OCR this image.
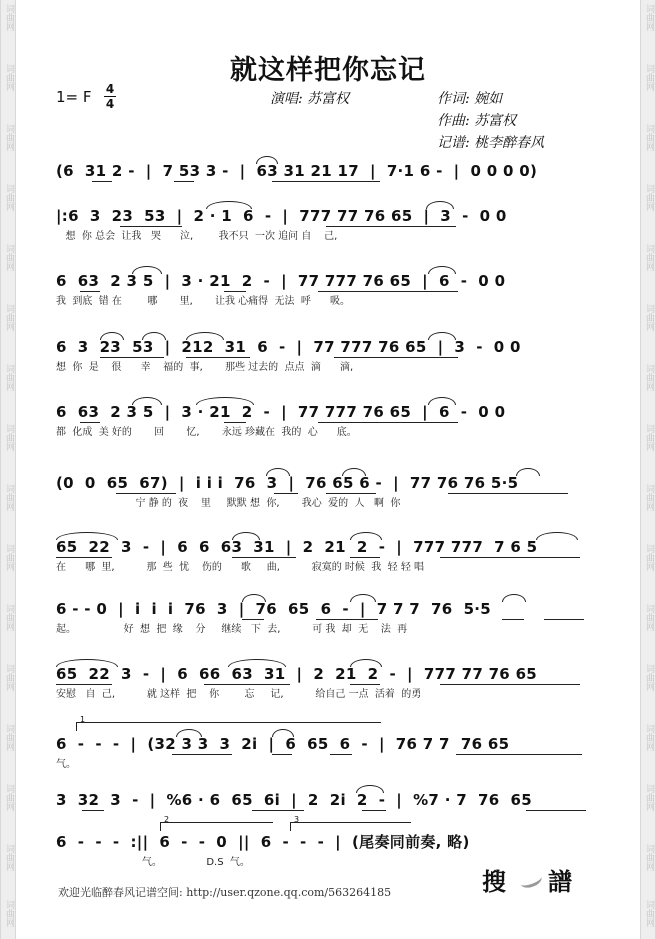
词曲网
词曲网
词曲网
词曲网
词曲网
词曲网
词曲网
词曲网
词曲网
词曲网
词曲网
词曲网
词曲网
词曲网
词曲网
词曲网
词曲网
词曲网
词曲网
词曲网
词曲网
词曲网
词曲网
词曲网
词曲网
词曲网
词曲网
词曲网
词曲网
词曲网
词曲网
词曲网
就这样把你忘记
1= F 4
4	演唱: 苏富权	作词: 婉如
作曲: 苏富权
记谱: 桃李醉春风
(6  31 2 -  |  7 53 3 -  |  63 31 21 17  |  7·1 6 -  |  0 0 0 0)
|:6  3  23  53  |  2 · 1  6  -  |  777 77 76 65  |  3  -  0 0
想  你 总会  让我   哭      泣,        我不只  一次 追问 自    己,
6  63  2 3 5  |  3 · 21  2  -  |  77 777 76 65  |  6  -  0 0
我  到底  错 在        哪       里,       让我 心痛得  无法  呼      吸。
6  3  23  53  |  212  31  6  -  |  77 777 76 65  |  3  -  0 0
想  你  是    很      幸    福的  事,       那些 过去的  点点  滴      滴,
6  63  2 3 5  |  3 · 21  2  -  |  77 777 76 65  |  6  -  0 0
都  化成  美 好的       回       忆,       永远 珍藏在  我的  心      底。
(0  0  65  67)  |  i i i  76  3  |  76 65 6 -  |  77 76 76 5·5
宁 静 的  夜    里     默默 想  你,       我心  爱的  人   啊  你
65  22  3  -  |  6  6  63  31  |  2  21  2  -  |  777 777  7 6 5
在      哪  里,          那  些  忧    伤的      歌     曲,          寂寞的 时候  我  轻 轻 唱
6 - - 0  |  i  i  i  76  3  |  76  65  6  -  |  7 7 7  76  5·5
起。               好  想  把  缘    分     继续   下  去,          可 我  却  无    法  再
65  22  3  -  |  6  66  63  31  |  2  21  2  -  |  777 77 76 65
安慰   自  己,          就 这样  把    你        忘     记,          给自己 一点  活着  的勇
1
6  -  -  -  |  (32 3 3  3  2i  |  6  65  6  -  |  76 7 7  76 65
气。
3  32  3  -  |  %6 · 6  65  6i  |  2  2i  2  -  |  %7 · 7  76  65
2	3
6  -  -  -  :||  6  -  -  0  ||  6  -  -  -  |  (尾奏同前奏, 略)
气。              D.S  气。
欢迎光临醉春风记谱空间: http://user.qzone.qq.com/563264185	搜 譜
